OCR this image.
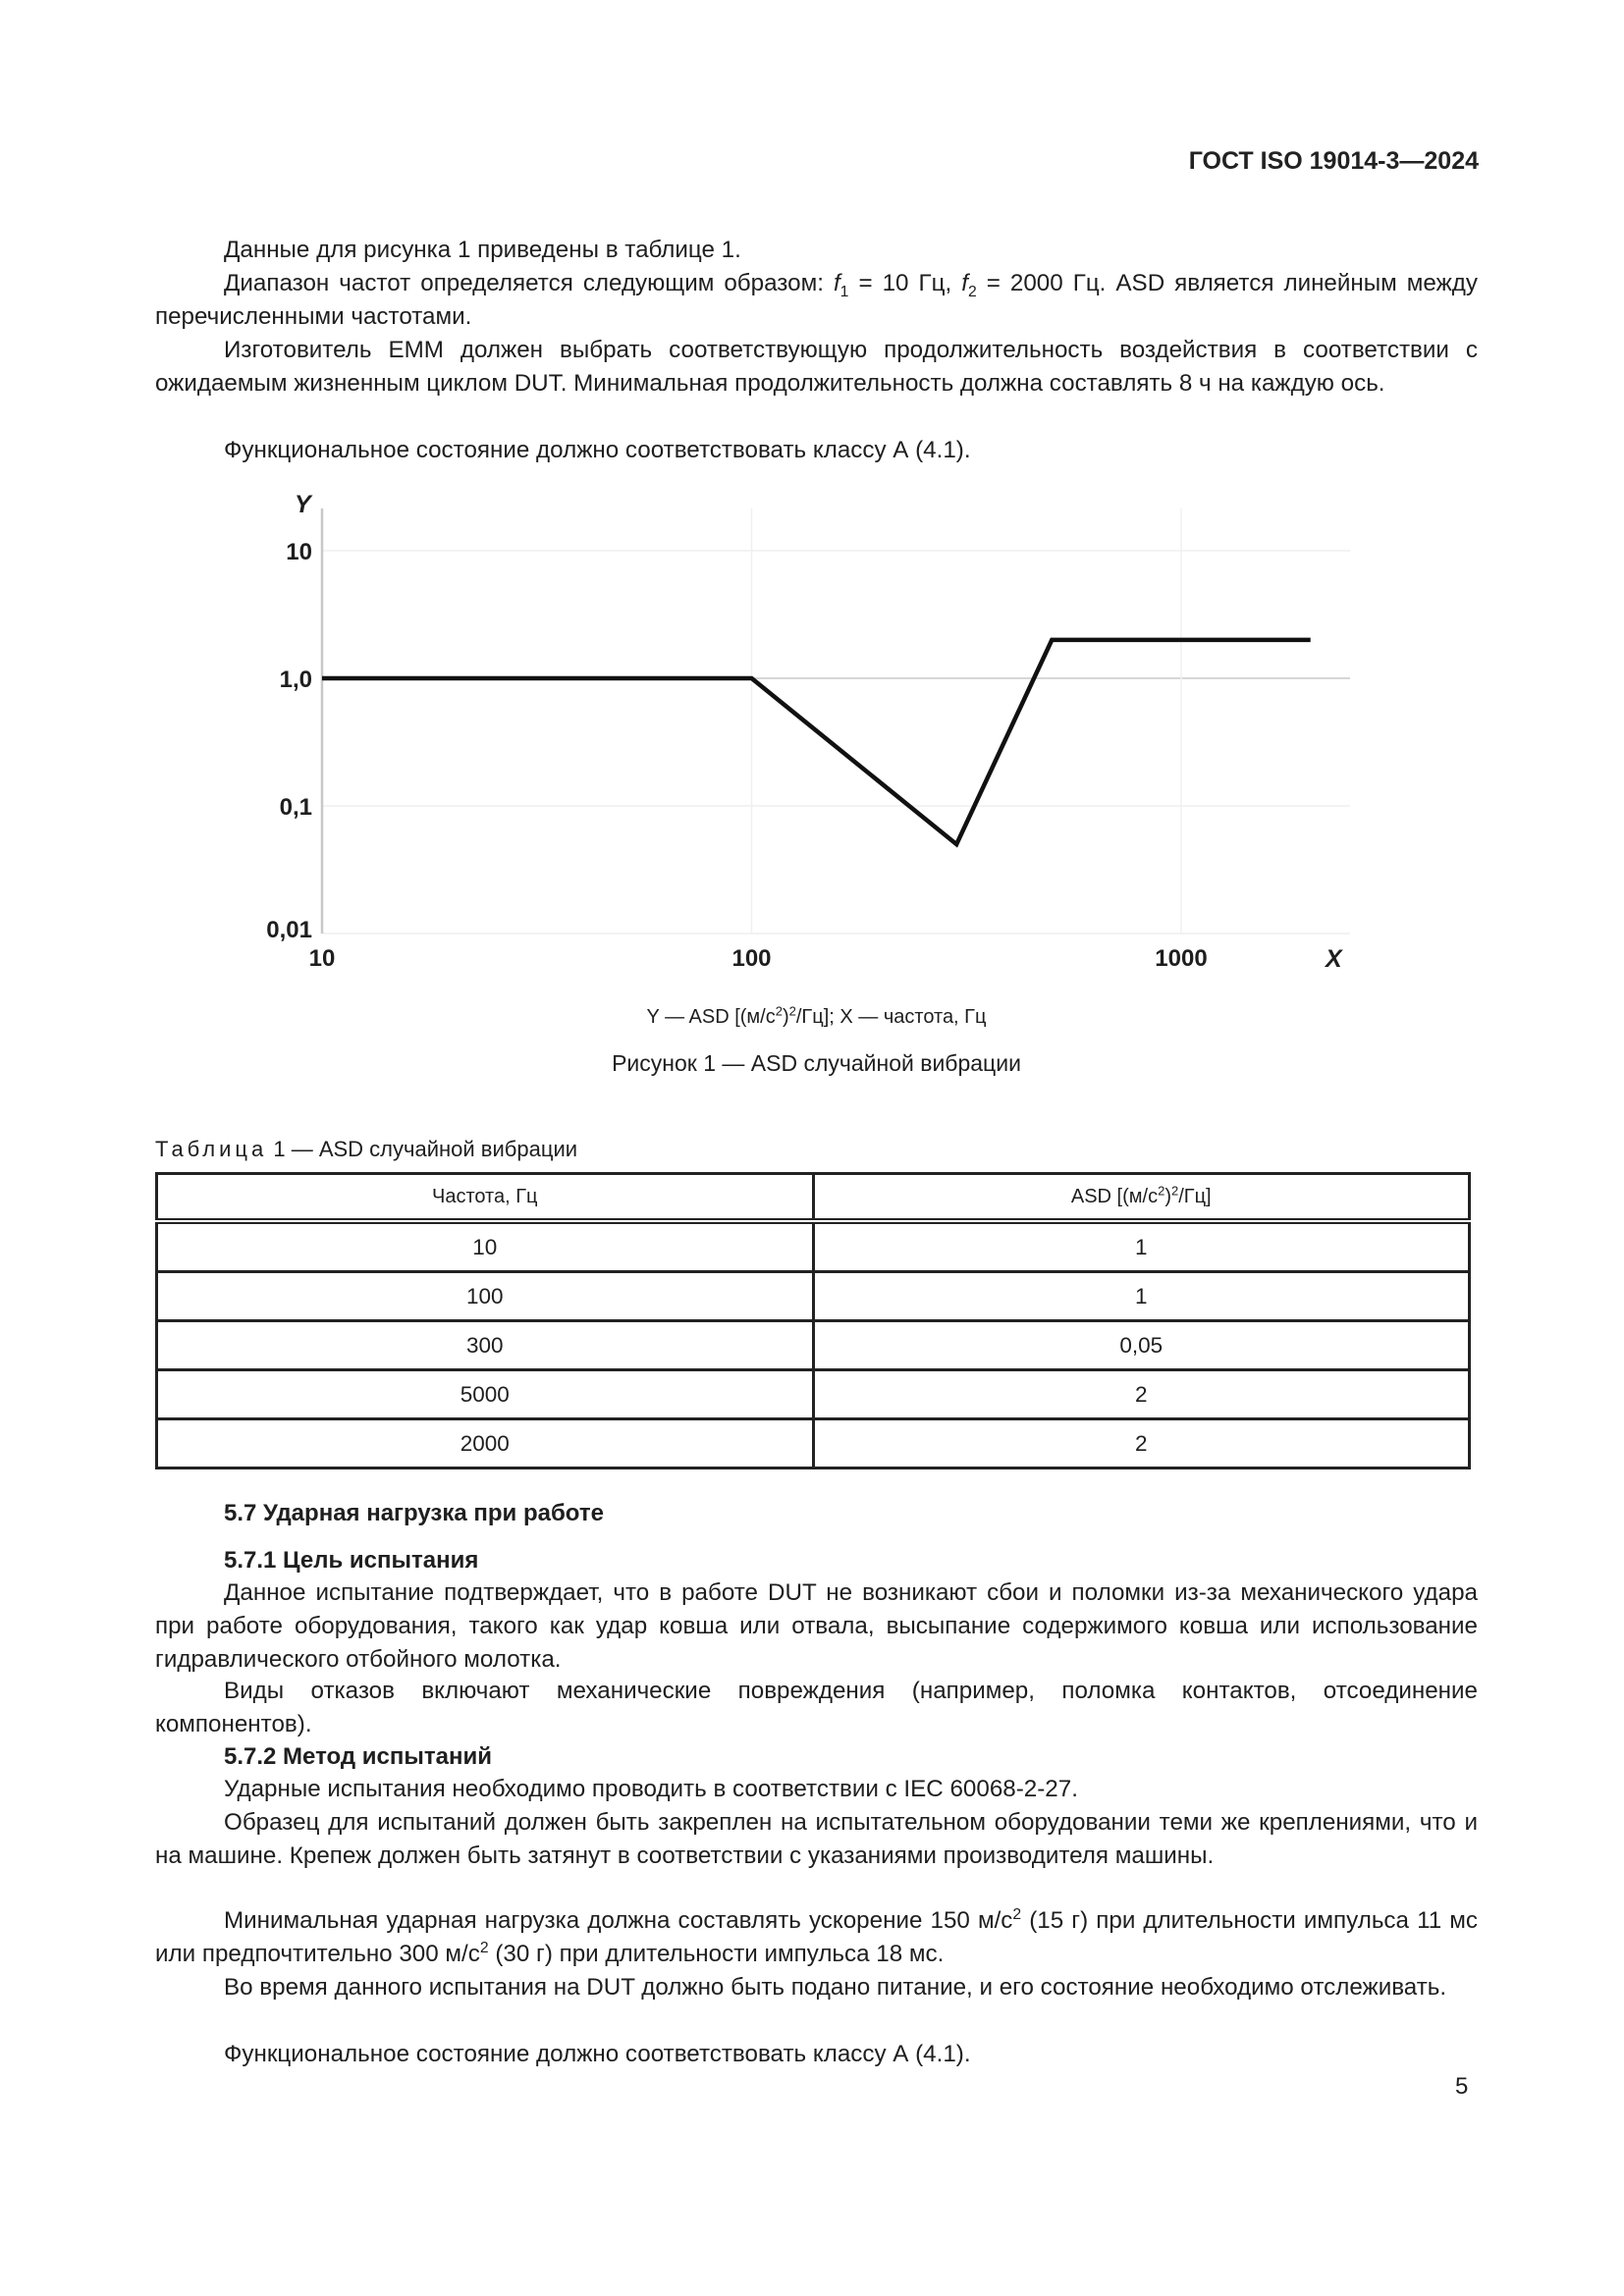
ГОСТ ISO 19014-3—2024

Данные для рисунка 1 приведены в таблице 1.

Диапазон частот определяется следующим образом: $f_1 = 10$ Гц, $f_2 = 2000$ Гц. ASD является линейным между перечисленными частотами.

Изготовитель ЕММ должен выбрать соответствующую продолжительность воздействия в соответствии с ожидаемым жизненным циклом DUT. Минимальная продолжительность должна составлять 8 ч на каждую ось.

Функциональное состояние должно соответствовать классу А (4.1).

10
1,0
0,1
0,01
10	100	1000
Y
X

Y — ASD $[(м/с^2)^2/Гц]$; X — частота, Гц

Рисунок 1 — ASD случайной вибрации

Таблица 1 — ASD случайной вибрации
Частота, Гц	ASD $[(м/с^2)^2/Гц]$
10	1
100	1
300	0,05
5000	2
2000	2
5.7 Ударная нагрузка при работе
5.7.1 Цель испытания

Данное испытание подтверждает, что в работе DUT не возникают сбои и поломки из-за механического удара при работе оборудования, такого как удар ковша или отвала, высыпание содержимого ковша или использование гидравлического отбойного молотка.

Виды отказов включают механические повреждения (например, поломка контактов, отсоединение компонентов).

5.7.2 Метод испытаний

Ударные испытания необходимо проводить в соответствии с IEC 60068-2-27.

Образец для испытаний должен быть закреплен на испытательном оборудовании теми же креплениями, что и на машине. Крепеж должен быть затянут в соответствии с указаниями производителя машины.

Минимальная ударная нагрузка должна составлять ускорение 150 $м/с^2$ (15 г) при длительности импульса 11 мс или предпочтительно 300 $м/с^2$ (30 г) при длительности импульса 18 мс.

Во время данного испытания на DUT должно быть подано питание, и его состояние необходимо отслеживать.

Функциональное состояние должно соответствовать классу А (4.1).

5
